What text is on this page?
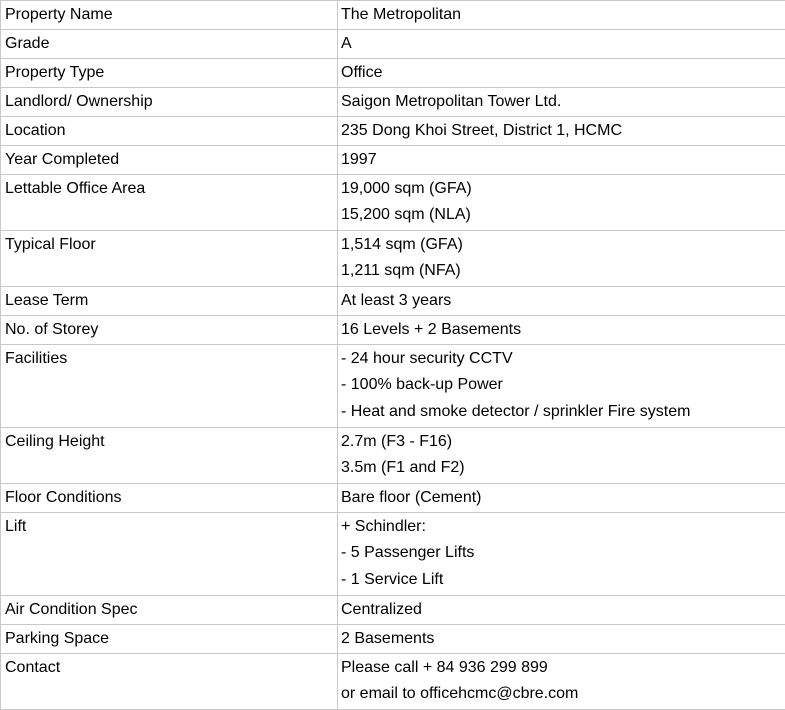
Property Name	The Metropolitan

Grade	A

Property Type	Office

Landlord/ Ownership	Saigon Metropolitan Tower Ltd.

Location	235 Dong Khoi Street, District 1, HCMC

Year Completed	1997

Lettable Office Area	19,000 sqm (GFA)
15,200 sqm (NLA)

Typical Floor	1,514 sqm (GFA)
1,211 sqm (NFA)

Lease Term	At least 3 years

No. of Storey	16 Levels + 2 Basements

Facilities	- 24 hour security CCTV
- 100% back-up Power
- Heat and smoke detector / sprinkler Fire system

Ceiling Height	2.7m (F3 - F16)
3.5m (F1 and F2)

Floor Conditions	Bare floor (Cement)

Lift	+ Schindler:
- 5 Passenger Lifts
- 1 Service Lift

Air Condition Spec	Centralized

Parking Space	2 Basements

Contact	Please call + 84 936 299 899
or email to officehcmc@cbre.com
